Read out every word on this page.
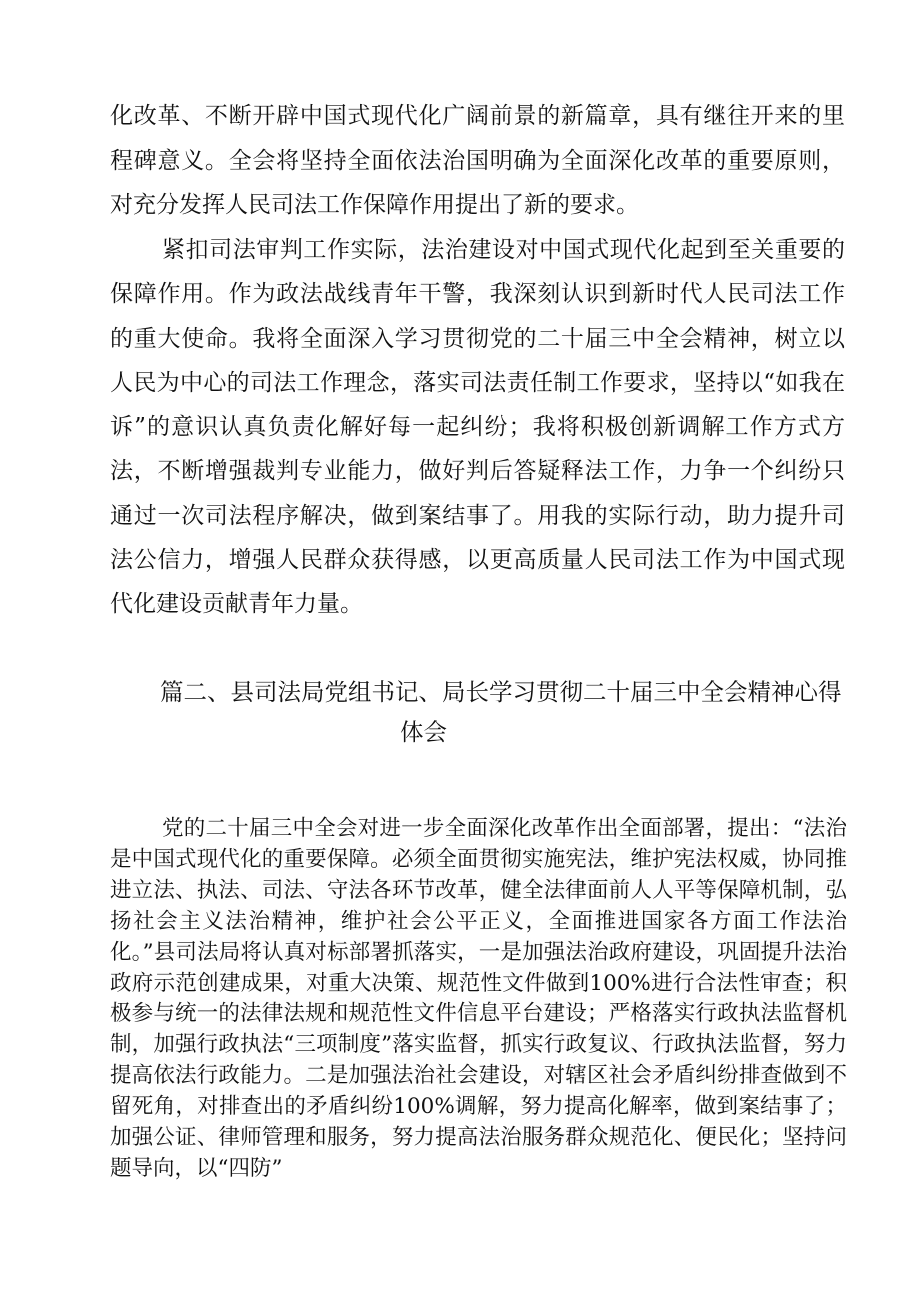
化改革、不断开辟中国式现代化广阔前景的新篇章，具有继往开来的里程碑意义。全会将坚持全面依法治国明确为全面深化改革的重要原则，对充分发挥人民司法工作保障作用提出了新的要求。

紧扣司法审判工作实际，法治建设对中国式现代化起到至关重要的保障作用。作为政法战线青年干警，我深刻认识到新时代人民司法工作的重大使命。我将全面深入学习贯彻党的二十届三中全会精神，树立以人民为中心的司法工作理念，落实司法责任制工作要求，坚持以“如我在诉”的意识认真负责化解好每一起纠纷；我将积极创新调解工作方式方法，不断增强裁判专业能力，做好判后答疑释法工作，力争一个纠纷只通过一次司法程序解决，做到案结事了。用我的实际行动，助力提升司法公信力，增强人民群众获得感，以更高质量人民司法工作为中国式现代化建设贡献青年力量。

篇二、县司法局党组书记、局长学习贯彻二十届三中全会精神心得
体会

党的二十届三中全会对进一步全面深化改革作出全面部署，提出：“法治是中国式现代化的重要保障。必须全面贯彻实施宪法，维护宪法权威，协同推进立法、执法、司法、守法各环节改革，健全法律面前人人平等保障机制，弘扬社会主义法治精神，维护社会公平正义，全面推进国家各方面工作法治化。”县司法局将认真对标部署抓落实，一是加强法治政府建设，巩固提升法治政府示范创建成果，对重大决策、规范性文件做到100%进行合法性审查；积极参与统一的法律法规和规范性文件信息平台建设；严格落实行政执法监督机制，加强行政执法“三项制度”落实监督，抓实行政复议、行政执法监督，努力提高依法行政能力。二是加强法治社会建设，对辖区社会矛盾纠纷排查做到不留死角，对排查出的矛盾纠纷100%调解，努力提高化解率，做到案结事了；加强公证、律师管理和服务，努力提高法治服务群众规范化、便民化；坚持问题导向，以“四防”
